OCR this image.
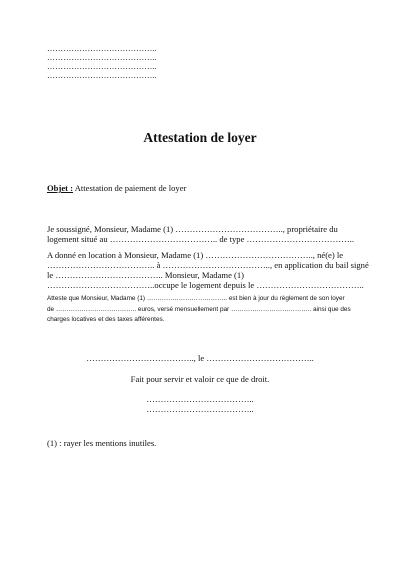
…………………………………..
…………………………………..
…………………………………..
…………………………………..
Attestation de loyer
Objet : Attestation de paiement de loyer
Je soussigné, Monsieur, Madame (1) ……………………………….., propriétaire du
logement situé au ……………………………….. de type ………………………………..
A donné en location à Monsieur, Madame (1) ……………………………….., né(e) le
……………………………….. à ……………………………….., en application du bail signé
le ……………………………….. Monsieur, Madame (1)
………………………………..occupe le logement depuis le ………………………………..
Atteste que Monsieur, Madame (1) ……………………………….. est bien à jour du règlement de son loyer
de ……………………………….. euros, versé mensuellement par ……………………………….. ainsi que des
charges locatives et des taxes afférentes.
……………………………….., le ………………………………..
Fait pour servir et valoir ce que de droit.
………………………………..
………………………………..
(1) : rayer les mentions inutiles.
